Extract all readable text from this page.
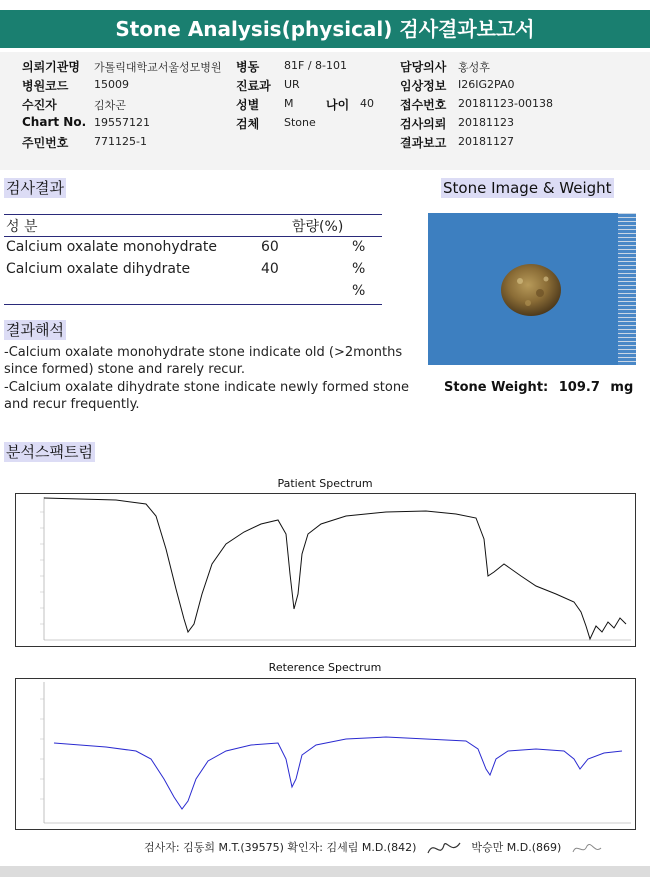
Stone Analysis(physical) 검사결과보고서
의뢰기관명 가톨릭대학교서울성모병원 병동 81F / 8-101	담당의사 홍성후
병원코드 15009	진료과 UR	임상정보 I26IG2PA0
수진자	김차곤	성별 M	나이 40 접수번호 20181123-00138
Chart No. 19557121	검체 Stone	검사의뢰 20181123
주민번호 771125-1	결과보고 20181127
검사결과
성 분	함량(%)
Calcium oxalate monohydrate	60	%
Calcium oxalate dihydrate	40	%
%
Stone Image & Weight
Stone Weight: 109.7 mg
결과해석
-Calcium oxalate monohydrate stone indicate old (>2months since formed) stone and rarely recur.
-Calcium oxalate dihydrate stone indicate newly formed stone and recur frequently.
분석스팩트럼
Patient Spectrum
Reterence Spectrum
검사자: 김동희 M.T.(39575) 확인자: 김세림 M.D.(842)	박승만 M.D.(869)
